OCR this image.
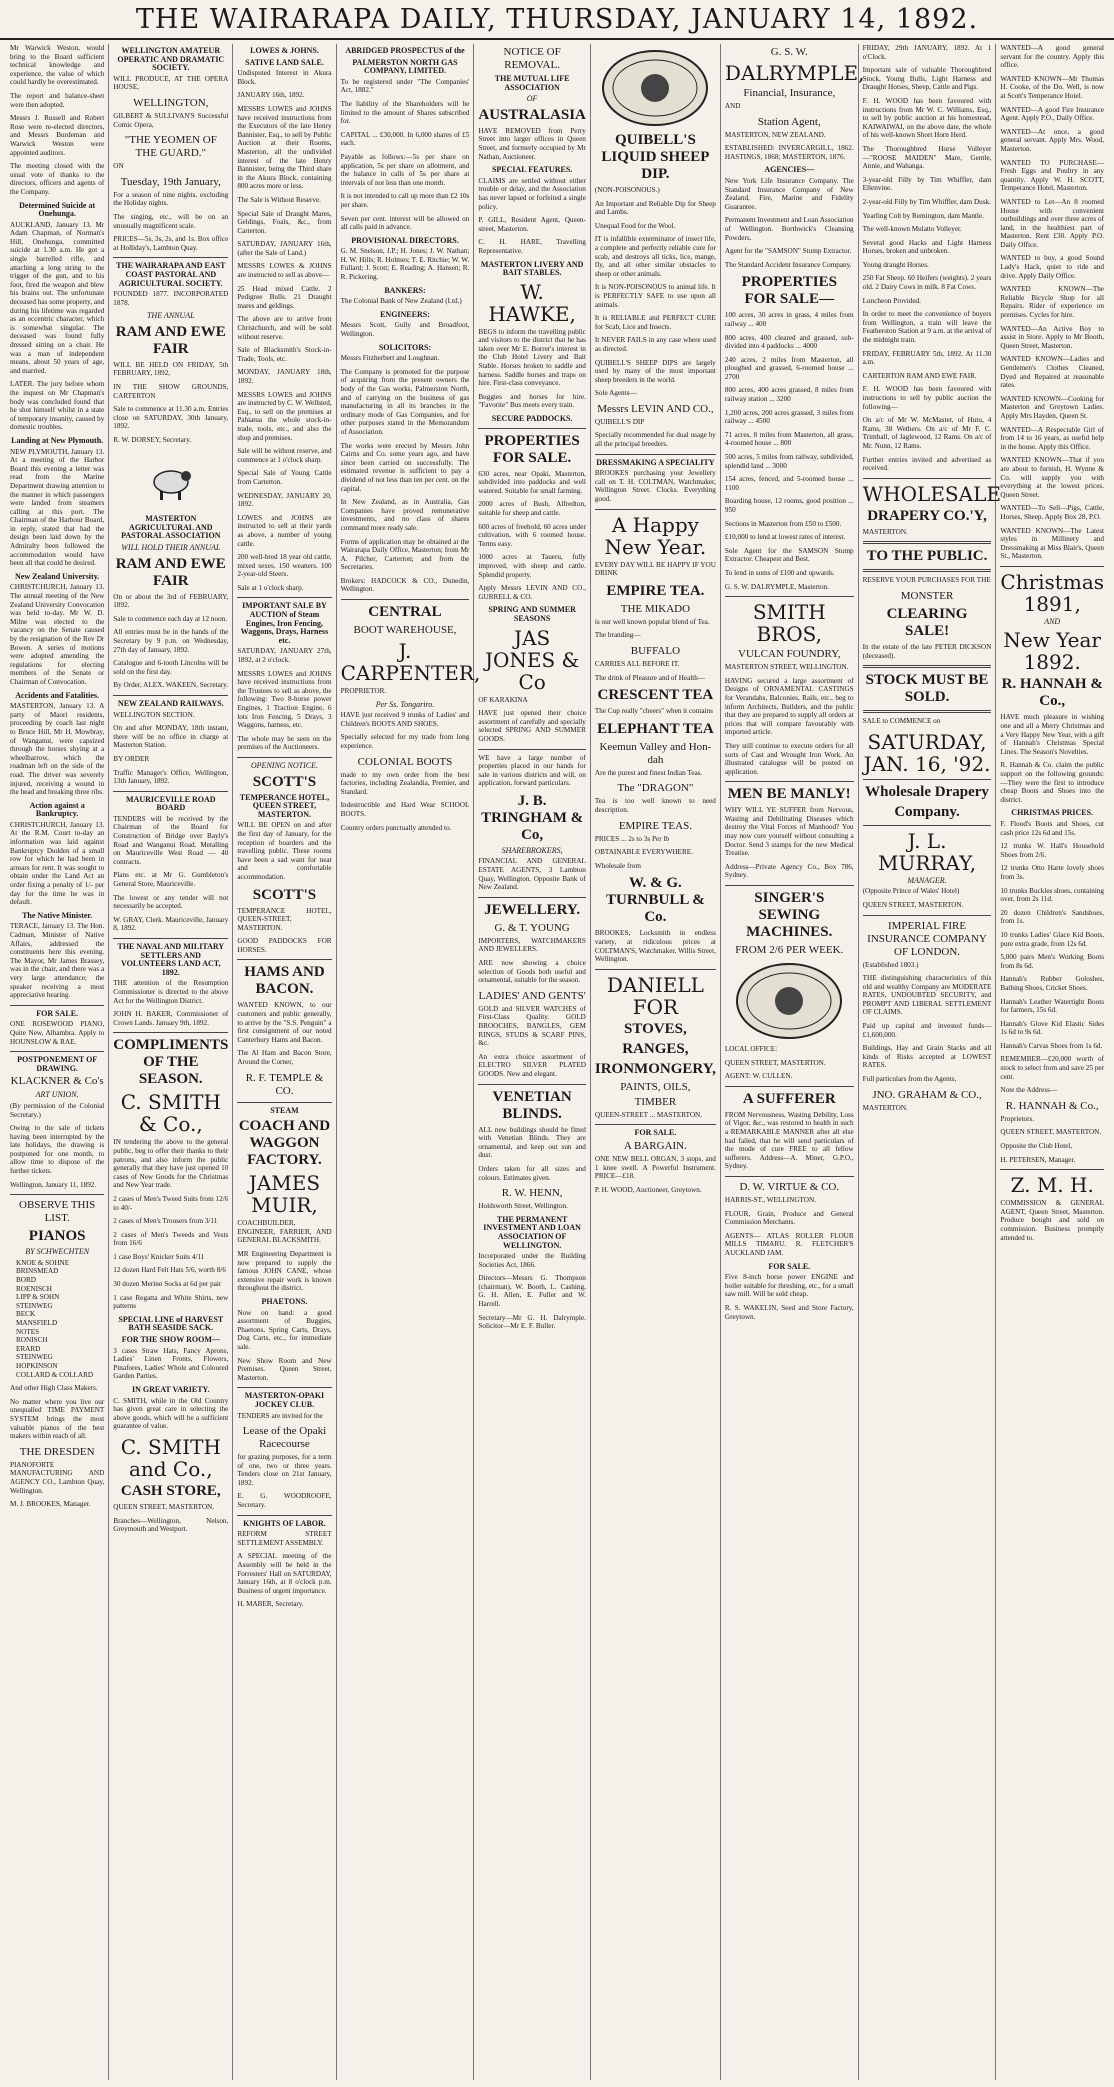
THE WAIRARAPA DAILY, THURSDAY, JANUARY 14, 1892.

Mr Warwick Weston, would bring to the Board sufficient technical knowledge and experience, the value of which could hardly be overestimated.

The report and balance-sheet were then adopted.

Messrs J. Russell and Robert Rose were re-elected directors, and Messrs Burdeman and Warwick Weston were appointed auditors.

The meeting closed with the usual vote of thanks to the directors, officers and agents of the Company.

Determined Suicide at Onehunga.

AUCKLAND, January 13. Mr Adam Chapman, of Norman's Hill, Onehunga, committed suicide at 1.30 a.m. He got a single barrelled rifle, and attaching a long string to the trigger of the gun, and to his foot, fired the weapon and blew his brains out. The unfortunate deceased has some property, and during his lifetime was regarded as an eccentric character, which is somewhat singular. The deceased was found fully dressed sitting on a chair. He was a man of independent means, about 50 years of age, and married.

LATER. The jury before whom the inquest on Mr Chapman's body was concluded found that he shot himself whilst in a state of temporary insanity, caused by domestic troubles.

Landing at New Plymouth.

NEW PLYMOUTH, January 13. At a meeting of the Harbor Board this evening a letter was read from the Marine Department drawing attention to the manner in which passengers were landed from steamers calling at this port. The Chairman of the Harbour Board, in reply, stated that had the design been laid down by the Admiralty been followed the accommodation would have been all that could be desired.

New Zealand University.

CHRISTCHURCH, January 13. The annual meeting of the New Zealand University Convocation was held to-day. Mr W. D. Milne was elected to the vacancy on the Senate caused by the resignation of the Rev Dr Bowen. A series of motions were adopted amending the regulations for electing members of the Senate or Chairman of Convocation.

Accidents and Fatalities.

MASTERTON, January 13. A party of Maori residents, proceeding by coach last night to Bruce Hill, Mr H. Mowbray, of Wanganui, were capsized through the horses shying at a wheelbarrow, which the roadman left on the side of the road. The driver was severely injured, receiving a wound in the head and breaking three ribs.

Action against a Bankruptcy.

CHRISTCHURCH, January 13. At the R.M. Court to-day an information was laid against Bankruptcy Dudden of a small row for which he had been in arrears for rent. It was sought to obtain under the Land Act an order fixing a penalty of 1/- per day for the time he was in default.

The Native Minister.

TERACE, January 13. The Hon. Cadman, Minister of Native Affairs, addressed the constituents here this evening. The Mayor, Mr James Brassey, was in the chair, and there was a very large attendance; the speaker receiving a most appreciative hearing.

FOR SALE.

ONE ROSEWOOD PIANO, Quite New, Alhambra. Apply to HOUNSLOW & RAE.

POSTPONEMENT OF DRAWING.
KLACKNER & Co's
ART UNION.

(By permission of the Colonial Secretary.)

Owing to the sale of tickets having been interrupted by the late holidays, the drawing is postponed for one month, to allow time to dispose of the further tickets.

Wellington, January 11, 1892.

OBSERVE THIS LIST.
PIANOS
BY SCHWECHTEN
KNOE & SOHNE
BRINSMEAD
BORD
ROENISCH
LIPP & SOHN
STEINWEG
BECK
MANSFIELD
NOTES
RONISCH
ERARD
STEINWEG
HOPKINSON
COLLARD & COLLARD

And other High Class Makers.

No matter where you live our unequalled TIME PAYMENT SYSTEM brings the most valuable pianos of the best makers within reach of all.

THE DRESDEN

PIANOFORTE MANUFACTURING AND AGENCY CO., Lambton Quay, Wellington.

M. J. BROOKES, Manager.

WELLINGTON AMATEUR OPERATIC AND DRAMATIC SOCIETY.

WILL PRODUCE, AT THE OPERA HOUSE,

WELLINGTON,

GILBERT & SULLIVAN'S Successful Comic Opera,

"THE YEOMEN OF THE GUARD."

ON

Tuesday, 19th January,

For a season of nine nights, excluding the Holiday nights.

The singing, etc., will be on an unusually magnificent scale.

PRICES—5s, 3s, 2s, and 1s. Box office at Holliday's, Lambton Quay.

THE WAIRARAPA AND EAST COAST PASTORAL AND AGRICULTURAL SOCIETY.

FOUNDED 1877. INCORPORATED 1878.

THE ANNUAL
RAM AND EWE FAIR

WILL BE HELD ON FRIDAY, 5th FEBRUARY, 1892,

IN THE SHOW GROUNDS, CARTERTON

Sale to commence at 11.30 a.m. Entries close on SATURDAY, 30th January, 1892.

R. W. DORSEY, Secretary.

MASTERTON AGRICULTURAL AND PASTORAL ASSOCIATION
WILL HOLD THEIR ANNUAL
RAM AND EWE FAIR

On or about the 3rd of FEBRUARY, 1892.

Sale to commence each day at 12 noon.

All entries must be in the hands of the Secretary by 9 p.m. on Wednesday, 27th day of January, 1892.

Catalogue and 6-tooth Lincolns will be sold on the first day.

By Order, ALEX. WAKEEN, Secretary.

NEW ZEALAND RAILWAYS.

WELLINGTON SECTION.

On and after MONDAY, 18th instant, there will be no office in charge at Masterton Station.

BY ORDER

Traffic Manager's Office, Wellington, 13th January, 1892.

MAURICEVILLE ROAD BOARD

TENDERS will be received by the Chairman of the Board for Construction of Bridge over Bayly's Road and Wanganui Road. Metalling on Mauriceville West Road — 40 contracts.

Plans etc. at Mr G. Gumbleton's General Store, Mauriceville.

The lowest or any tender will not necessarily be accepted.

W. GRAY, Clerk. Mauriceville, January 8, 1892.

THE NAVAL AND MILITARY SETTLERS AND VOLUNTEERS LAND ACT, 1892.

THE attention of the Resumption Commissioner is directed to the above Act for the Wellington District.

JOHN H. BAKER, Commissioner of Crown Lands. January 9th, 1892.

COMPLIMENTS OF THE SEASON.
C. SMITH & Co.,

IN tendering the above to the general public, beg to offer their thanks to their patrons, and also inform the public generally that they have just opened 10 cases of New Goods for the Christmas and New Year trade.

2 cases of Men's Tweed Suits from 12/6 to 40/-

2 cases of Men's Trousers from 3/11

2 cases of Men's Tweeds and Vests from 16/6

1 case Boys' Knicker Suits 4/11

12 dozen Hard Felt Hats 5/6, worth 8/6

30 dozen Merino Socks at 6d per pair

1 case Regatta and White Shirts, new patterns

SPECIAL LINE of HARVEST BATH SEASIDE SACK.
FOR THE SHOW ROOM—

3 cases Straw Hats, Fancy Aprons, Ladies' Linen Fronts, Flowers, Pinafores, Ladies' Whole and Coloured Garden Parties.

IN GREAT VARIETY.

C. SMITH, while in the Old Country has given great care in selecting the above goods, which will be a sufficient guarantee of value.

C. SMITH and Co.,
CASH STORE,

QUEEN STREET, MASTERTON.

Branches—Wellington, Nelson, Greymouth and Westport.

LOWES & JOHNS.
SATIVE LAND SALE.

Undisputed Interest in Akura Block.

JANUARY 16th, 1892.

MESSRS LOWES and JOHNS have received instructions from the Executors of the late Henry Bannister, Esq., to sell by Public Auction at their Rooms, Masterton, all the undivided interest of the late Henry Bannister, being the Third share in the Akura Block, containing 800 acres more or less.

The Sale is Without Reserve.

Special Sale of Draught Mares, Geldings, Foals, &c., from Carterton.

SATURDAY, JANUARY 16th, (after the Sale of Land.)

MESSRS LOWES & JOHNS are instructed to sell as above—

25 Head mixed Cattle. 2 Pedigree Bulls. 21 Draught mares and geldings.

The above are to arrive from Christchurch, and will be sold without reserve.

Sale of Blacksmith's Stock-in-Trade, Tools, etc.

MONDAY, JANUARY 18th, 1892.

MESSRS LOWES and JOHNS are instructed by C. W. Wellsted, Esq., to sell on the premises at Pahiatua the whole stock-in-trade, tools, etc., and also the shop and premises.

Sale will be without reserve, and commence at 1 o'clock sharp.

Special Sale of Young Cattle from Carterton.

WEDNESDAY, JANUARY 20, 1892.

LOWES and JOHNS are instructed to sell at their yards as above, a number of young cattle.

200 well-bred 18 year old cattle, mixed sexes. 150 weaners. 100 2-year-old Steers.

Sale at 1 o'clock sharp.

IMPORTANT SALE BY AUCTION of Steam Engines, Iron Fencing, Waggons, Drays, Harness etc.

SATURDAY, JANUARY 27th, 1892, at 2 o'clock.

MESSRS LOWES and JOHNS have received instructions from the Trustees to sell as above, the following: Two 8-horse power Engines, 1 Traction Engine, 6 lots Iron Fencing, 5 Drays, 3 Waggons, harness, etc.

The whole may be seen on the premises of the Auctioneers.

OPENING NOTICE.
SCOTT'S
TEMPERANCE HOTEL, QUEEN STREET, MASTERTON.

WILL BE OPEN on and after the first day of January, for the reception of boarders and the travelling public. These rooms have been a sad want for neat and comfortable accommodation.

SCOTT'S

TEMPERANCE HOTEL, QUEEN-STREET, MASTERTON.

GOOD PADDOCKS FOR HORSES.

HAMS AND BACON.

WANTED KNOWN, to our customers and public generally, to arrive by the "S.S. Penguin" a first consignment of our noted Canterbury Hams and Bacon.

The Al Ham and Bacon Store, Around the Corner,

R. F. TEMPLE & CO.
STEAM
COACH AND WAGGON FACTORY.
JAMES MUIR,

COACHBUILDER, ENGINEER, FARRIER, AND GENERAL BLACKSMITH.

MR Engineering Department is now prepared to supply the famous JOHN CANE, whose extensive repair work is known throughout the district.

PHAETONS.

Now on hand: a good assortment of Buggies, Phaetons, Spring Carts, Drays, Dog Carts, etc., for immediate sale.

New Show Room and New Premises. Queen Street, Masterton.

MASTERTON-OPAKI JOCKEY CLUB.

TENDERS are invited for the

Lease of the Opaki Racecourse

for grazing purposes, for a term of one, two or three years. Tenders close on 21st January, 1892.

E. G. WOODROOFE, Secretary.

KNIGHTS OF LABOR.

REFORM STREET SETTLEMENT ASSEMBLY.

A SPECIAL meeting of the Assembly will be held in the Forresters' Hall on SATURDAY, January 16th, at 8 o'clock p.m. Business of urgent importance.

H. MABER, Secretary.

ABRIDGED PROSPECTUS of the
PALMERSTON NORTH GAS COMPANY, LIMITED.

To be registered under "The Companies' Act, 1882."

The liability of the Shareholders will be limited to the amount of Shares subscribed for.

CAPITAL ... £30,000. In 6,000 shares of £5 each.

Payable as follows:—5s per share on application, 5s per share on allotment, and the balance in calls of 5s per share at intervals of not less than one month.

It is not intended to call up more than £2 10s per share.

Seven per cent. interest will be allowed on all calls paid in advance.

PROVISIONAL DIRECTORS.

G. M. Snelson, J.P.; H. Jones; J. W. Nathan; H. W. Hills; R. Holmes; T. E. Ritchie; W. W. Fullard; J. Scott; E. Reading; A. Hansen; R. R. Pickering.

BANKERS:

The Colonial Bank of New Zealand (Ltd.)

ENGINEERS:

Messrs Scott, Gully and Broadfoot, Wellington.

SOLICITORS:

Messrs Fitzherbert and Loughnan.

The Company is promoted for the purpose of acquiring from the present owners the body of the Gas works, Palmerston North, and of carrying on the business of gas manufacturing in all its branches in the ordinary mode of Gas Companies, and for other purposes stated in the Memorandum of Association.

The works were erected by Messrs John Cairns and Co. some years ago, and have since been carried on successfully. The estimated revenue is sufficient to pay a dividend of not less than ten per cent. on the capital.

In New Zealand, as in Australia, Gas Companies have proved remunerative investments, and no class of shares command more ready sale.

Forms of application may be obtained at the Wairarapa Daily Office, Masterton; from Mr A. Pilcher, Carterton; and from the Secretaries.

Brokers: HADCOCK & CO., Dunedin, Wellington.

CENTRAL
BOOT WAREHOUSE,
J. CARPENTER,

PROPRIETOR.

Per Ss. Tongariro.

HAVE just received 9 trunks of Ladies' and Children's BOOTS AND SHOES.

Specially selected for my trade from long experience.

COLONIAL BOOTS

made to my own order from the best factories, including Zealandia, Premier, and Standard.

Indestructible and Hard Wear SCHOOL BOOTS.

Country orders punctually attended to.

NOTICE OF REMOVAL.
THE MUTUAL LIFE ASSOCIATION
OF
AUSTRALASIA

HAVE REMOVED from Perry Street into larger offices in Queen Street, and formerly occupied by Mr Nathan, Auctioneer.

SPECIAL FEATURES.

CLAIMS are settled without either trouble or delay, and the Association has never lapsed or forfeited a single policy.

P. GILL, Resident Agent, Queen-street, Masterton.

C. H. HARE, Travelling Representative.

MASTERTON LIVERY AND BAIT STABLES.
W. HAWKE,

BEGS to inform the travelling public and visitors to the district that he has taken over Mr E. Borrer's interest in the Club Hotel Livery and Bait Stable. Horses broken to saddle and harness. Saddle horses and traps on hire. First-class conveyance.

Buggies and horses for hire. "Favorite" Bus meets every train.

SECURE PADDOCKS.
PROPERTIES FOR SALE.

630 acres, near Opaki, Masterton, subdivided into paddocks and well watered. Suitable for small farming.

2000 acres of Bush, Alfredton, suitable for sheep and cattle.

600 acres of freehold, 60 acres under cultivation, with 6 roomed house. Terms easy.

1000 acres at Taueru, fully improved, with sheep and cattle. Splendid property.

Apply Messrs LEVIN AND CO., GURRELL & CO.

SPRING AND SUMMER SEASONS
JAS JONES & Co

OF KARAKINA

HAVE just opened their choice assortment of carefully and specially selected SPRING AND SUMMER GOODS.

WE have a large number of properties placed in our hands for sale in various districts and will, on application, forward particulars.

J. B. TRINGHAM & Co,
SHAREBROKERS,

FINANCIAL AND GENERAL ESTATE AGENTS, 3 Lambton Quay, Wellington. Opposite Bank of New Zealand.

JEWELLERY.
G. & T. YOUNG

IMPORTERS, WATCHMAKERS AND JEWELLERS.

ARE now showing a choice selection of Goods both useful and ornamental, suitable for the season.

LADIES' AND GENTS'

GOLD and SILVER WATCHES of First-Class Quality. GOLD BROOCHES, BANGLES, GEM RINGS, STUDS & SCARF PINS, &c.

An extra choice assortment of ELECTRO SILVER PLATED GOODS. New and elegant.

VENETIAN BLINDS.

ALL new buildings should be fitted with Venetian Blinds. They are ornamental, and keep out sun and dust.

Orders taken for all sizes and colours. Estimates given.

R. W. HENN,

Holdsworth Street, Wellington.

THE PERMANENT INVESTMENT AND LOAN ASSOCIATION OF WELLINGTON.

Incorporated under the Building Societies Act, 1866.

Directors—Messrs G. Thompson (chairman), W. Booth, L. Cashing, G. H. Allen, E. Fuller and W. Harrell.

Secretary—Mr G. H. Dalrymple. Solicitor—Mr E. F. Buller.

QUIBELL'S LIQUID SHEEP DIP.

(NON-POISONOUS.)

An Important and Reliable Dip for Sheep and Lambs.

Unequal Food for the Wool.

IT is infallible exterminator of insect life, a complete and perfectly reliable cure for scab, and destroys all ticks, lice, mange, fly, and all other similar obstacles to sheep or other animals.

It is NON-POISONOUS to animal life. It is PERFECTLY SAFE to use upon all animals.

It is RELIABLE and PERFECT CURE for Scab, Lice and Insects.

It NEVER FAILS in any case where used as directed.

QUIBELL'S SHEEP DIPS are largely used by many of the most important sheep breeders in the world.

Sole Agents—

Messrs LEVIN AND CO.,

QUIBELL'S DIP

Specially recommended for dual usage by all the principal breeders.

DRESSMAKING A SPECIALITY

BROOKES purchasing your Jewellery call on T. H. COLTMAN, Watchmaker, Wellington Street. Clocks. Everything good.

A Happy New Year.

EVERY DAY WILL BE HAPPY IF YOU DRINK

EMPIRE TEA.
THE MIKADO

is our well known popular blend of Tea.

The branding—

BUFFALO

CARRIES ALL BEFORE IT.

The drink of Pleasure and of Health—

CRESCENT TEA

The Cup really "cheers" when it contains

ELEPHANT TEA
Keemun Valley and Hon-dah

Are the purest and finest Indian Teas.

The "DRAGON"

Tea is too well known to need description.

EMPIRE TEAS.

PRICES ... 2s to 3s Per lb

OBTAINABLE EVERYWHERE.

Wholesale from

W. & G. TURNBULL & Co.

BROOKES, Locksmith in endless variety, at ridiculous prices at COLTMAN'S, Watchmaker, Willis Street, Wellington.

DANIELL FOR
STOVES,
RANGES,
IRONMONGERY,
PAINTS, OILS,
TIMBER

QUEEN-STREET ... MASTERTON.

FOR SALE.
A BARGAIN.

ONE NEW BELL ORGAN, 3 stops, and 1 knee swell. A Powerful Instrument. PRICE—£18.

P. H. WOOD, Auctioneer, Greytown.

G. S. W.
DALRYMPLE,
Financial, Insurance,

AND

Station Agent,

MASTERTON, NEW ZEALAND.

ESTABLISHED: INVERCARGILL, 1862. HASTINGS, 1868; MASTERTON, 1876.

AGENCIES—

New York Life Insurance Company. The Standard Insurance Company of New Zealand, Fire, Marine and Fidelity Guarantee.

Permanent Investment and Loan Association of Wellington. Borthwick's Cleansing Powders.

Agent for the "SAMSON" Stump Extractor.

The Standard Accident Insurance Company.

PROPERTIES FOR SALE—

100 acres, 30 acres in grass, 4 miles from railway ... 400

800 acres, 400 cleared and grassed, sub-divided into 4 paddocks ... 4000

240 acres, 2 miles from Masterton, all ploughed and grassed, 6-roomed house ... 2700

800 acres, 400 acres grassed, 8 miles from railway station ... 3200

1,200 acres, 200 acres grassed, 3 miles from railway ... 4500

71 acres, 8 miles from Masterton, all grass, 4-roomed house ... 800

500 acres, 5 miles from railway, subdivided, splendid land ... 3000

154 acres, fenced, and 5-roomed house ... 1100

Boarding house, 12 rooms, good position ... 950

Sections in Masterton from £50 to £500.

£10,000 to lend at lowest rates of interest.

Sole Agent for the SAMSON Stump Extractor. Cheapest and Best.

To lend in sums of £100 and upwards.

G. S. W. DALRYMPLE, Masterton.

SMITH BROS,
VULCAN FOUNDRY,

MASTERTON STREET, WELLINGTON.

HAVING secured a large assortment of Designs of ORNAMENTAL CASTINGS for Verandahs, Balconies, Rails, etc., beg to inform Architects, Builders, and the public that they are prepared to supply all orders at prices that will compare favourably with imported article.

They still continue to execute orders for all sorts of Cast and Wrought Iron Work. An illustrated catalogue will be posted on application.

MEN BE MANLY!

WHY WILL YE SUFFER from Nervous, Wasting and Debilitating Diseases which destroy the Vital Forces of Manhood? You may now cure yourself without consulting a Doctor. Send 3 stamps for the new Medical Treatise.

Address—Private Agency Co., Box 786, Sydney.

SINGER'S SEWING MACHINES.
FROM 2/6 PER WEEK.

LOCAL OFFICE:

QUEEN STREET, MASTERTON.

AGENT: W. CULLEN.

A SUFFERER

FROM Nervousness, Wasting Debility, Loss of Vigor, &c., was restored to health in such a REMARKABLE MANNER after all else had failed, that he will send particulars of the mode of cure FREE to all fellow sufferers. Address—A. Miner, G.P.O., Sydney.

D. W. VIRTUE & CO.

HARRIS-ST., WELLINGTON.

FLOUR, Grain, Produce and General Commission Merchants.

AGENTS— ATLAS ROLLER FLOUR MILLS TIMARU. R. FLETCHER'S AUCKLAND JAM.

FOR SALE.

Five 8-inch horse power ENGINE and boiler suitable for threshing, etc., for a small saw mill. Will be sold cheap.

R. S. WAKELIN, Seed and Store Factory, Greytown.

FRIDAY, 29th JANUARY, 1892. At 1 o'Clock.

Important sale of valuable Thoroughbred Stock, Young Bulls, Light Harness and Draught Horses, Sheep, Cattle and Pigs.

F. H. WOOD has been favoured with instructions from Mr W. C. Williams, Esq., to sell by public auction at his homestead, KAIWAIWAI, on the above date, the whole of his well-known Short Horn Herd.

The Thoroughbred Horse Volleyer—"ROOSE MAIDEN" Mare, Gentle, Annie, and Wahanga.

3-year-old Filly by Tim Whiffler, dam Ellenvine.

2-year-old Filly by Tim Whiffler, dam Dusk.

Yearling Colt by Remington, dam Mantle.

The well-known Mulatto Volleyer.

Several good Hacks and Light Harness Horses, broken and unbroken.

Young draught Horses.

250 Fat Sheep. 60 Heifers (weights). 2 years old. 2 Dairy Cows in milk. 8 Fat Cows.

Luncheon Provided.

In order to meet the convenience of buyers from Wellington, a train will leave the Featherston Station at 9 a.m. at the arrival of the midnight train.

FRIDAY, FEBRUARY 5th, 1892. At 11.30 a.m.

CARTERTON RAM AND EWE FAIR.

F. H. WOOD has been favoured with instructions to sell by public auction the following—

On a/c of Mr W. McMaster, of Hutu, 4 Rams, 38 Wethers. On a/c of Mr F. C. Trimball, of Jaglewood, 12 Rams. On a/c of Mr. Nunn, 12 Rams.

Further entries invited and advertised as received.

WHOLESALE
DRAPERY CO.'Y,

MASTERTON.

TO THE PUBLIC.

RESERVE YOUR PURCHASES FOR THE

MONSTER
CLEARING SALE!

In the estate of the late PETER DICKSON (deceased).

STOCK MUST BE SOLD.

SALE to COMMENCE on

SATURDAY, JAN. 16, '92.
Wholesale Drapery
Company.
J. L. MURRAY,
MANAGER.

(Opposite Prince of Wales' Hotel)

QUEEN STREET, MASTERTON.

IMPERIAL FIRE INSURANCE COMPANY OF LONDON.

(Established 1803.)

THE distinguishing characteristics of this old and wealthy Company are MODERATE RATES, UNDOUBTED SECURITY, and PROMPT AND LIBERAL SETTLEMENT OF CLAIMS.

Paid up capital and invested funds—£1,600,000.

Buildings, Hay and Grain Stacks and all kinds of Risks accepted at LOWEST RATES.

Full particulars from the Agents,

JNO. GRAHAM & CO.,

MASTERTON.

WANTED—A good general servant for the country. Apply this office.

WANTED KNOWN—Mr Thomas H. Cooke, of the Do. Well, is now at Scott's Temperance Hotel.

WANTED—A good Fire Insurance Agent. Apply P.O., Daily Office.

WANTED—At once, a good general servant. Apply Mrs. Wood, Masterton.

WANTED TO PURCHASE—Fresh Eggs and Poultry in any quantity. Apply W. H. SCOTT, Temperance Hotel, Masterton.

WANTED to Let—An 8 roomed House with convenient outbuildings and over three acres of land, in the healthiest part of Masterton. Rent £30. Apply P.O. Daily Office.

WANTED to buy, a good Sound Lady's Hack, quiet to ride and drive. Apply Daily Office.

WANTED KNOWN—The Reliable Bicycle Shop for all Repairs. Rider of experience on premises. Cycles for hire.

WANTED—An Active Boy to assist in Store. Apply to Mr Booth, Queen Street, Masterton.

WANTED KNOWN—Ladies and Gentlemen's Clothes Cleaned, Dyed and Repaired at reasonable rates.

WANTED KNOWN—Cooking for Masterton and Greytown Ladies. Apply Mrs Hayden, Queen St.

WANTED—A Respectable Girl of from 14 to 16 years, as useful help in the house. Apply this Office.

WANTED KNOWN—That if you are about to furnish, H. Wynne & Co. will supply you with everything at the lowest prices. Queen Street.

WANTED—To Sell—Pigs, Cattle, Horses, Sheep. Apply Box 28, P.O.

WANTED KNOWN—The Latest styles in Millinery and Dressmaking at Miss Blair's, Queen St., Masterton.

Christmas 1891,
AND
New Year 1892.
R. HANNAH & Co.,

HAVE much pleasure in wishing one and all a Merry Christmas and a Very Happy New Year, with a gift of Hannah's Christmas Special Lines. The Season's Novelties.

R. Hannah & Co. claim the public support on the following grounds:—They were the first to introduce cheap Boots and Shoes into the district.

CHRISTMAS PRICES.

F. Flood's Boots and Shoes, cut cash price 12s 6d and 15s.

12 trunks W. Hall's Household Shoes from 2/6.

12 trunks Otto Harte lovely shoes from 3s.

10 trunks Buckles shoes, containing over, from 2s 11d.

20 dozen Children's Sandshoes, from 1s.

10 trunks Ladies' Glace Kid Boots, pure extra grade, from 12s 6d.

5,000 pairs Men's Working Boots from 8s 6d.

Hannah's Rubber Goloshes, Bathing Shoes, Cricket Shoes.

Hannah's Leather Watertight Boots for farmers, 15s 6d.

Hannah's Glove Kid Elastic Sides 1s 6d to 9s 6d.

Hannah's Carvas Shoes from 1s 6d.

REMEMBER—£20,000 worth of stock to select from and save 25 per cent.

Note the Address—

R. HANNAH & Co.,

Proprietors.

QUEEN STREET, MASTERTON.

Opposite the Club Hotel,

H. PETERSEN, Manager.

Z. M. H.

COMMISSION & GENERAL AGENT, Queen Street, Masterton. Produce bought and sold on commission. Business promptly attended to.
